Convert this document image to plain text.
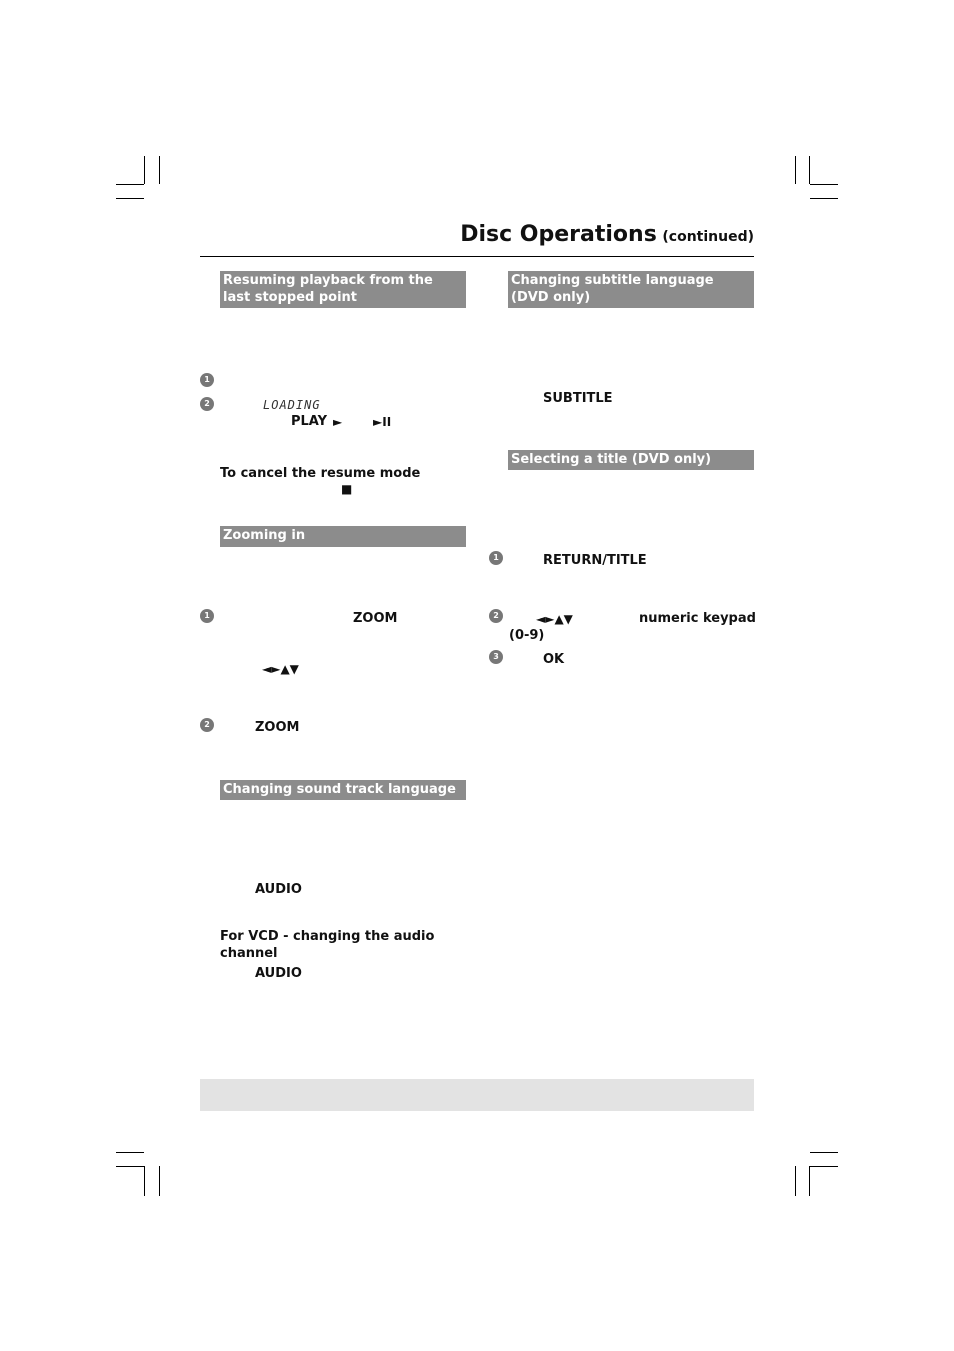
Disc Operations (continued)
Resuming playback from the last stopped point
1
2	LOADING
PLAY ►	►II
To cancel the resume mode
■
Zooming in
1	ZOOM
◄►▲▼
2	ZOOM
Changing sound track language
AUDIO
For VCD - changing the audio
channel
AUDIO
Changing subtitle language (DVD only)
SUBTITLE
Selecting a title (DVD only)
1	RETURN/TITLE
2	◄►▲▼	numeric keypad
(0-9)
3	OK
